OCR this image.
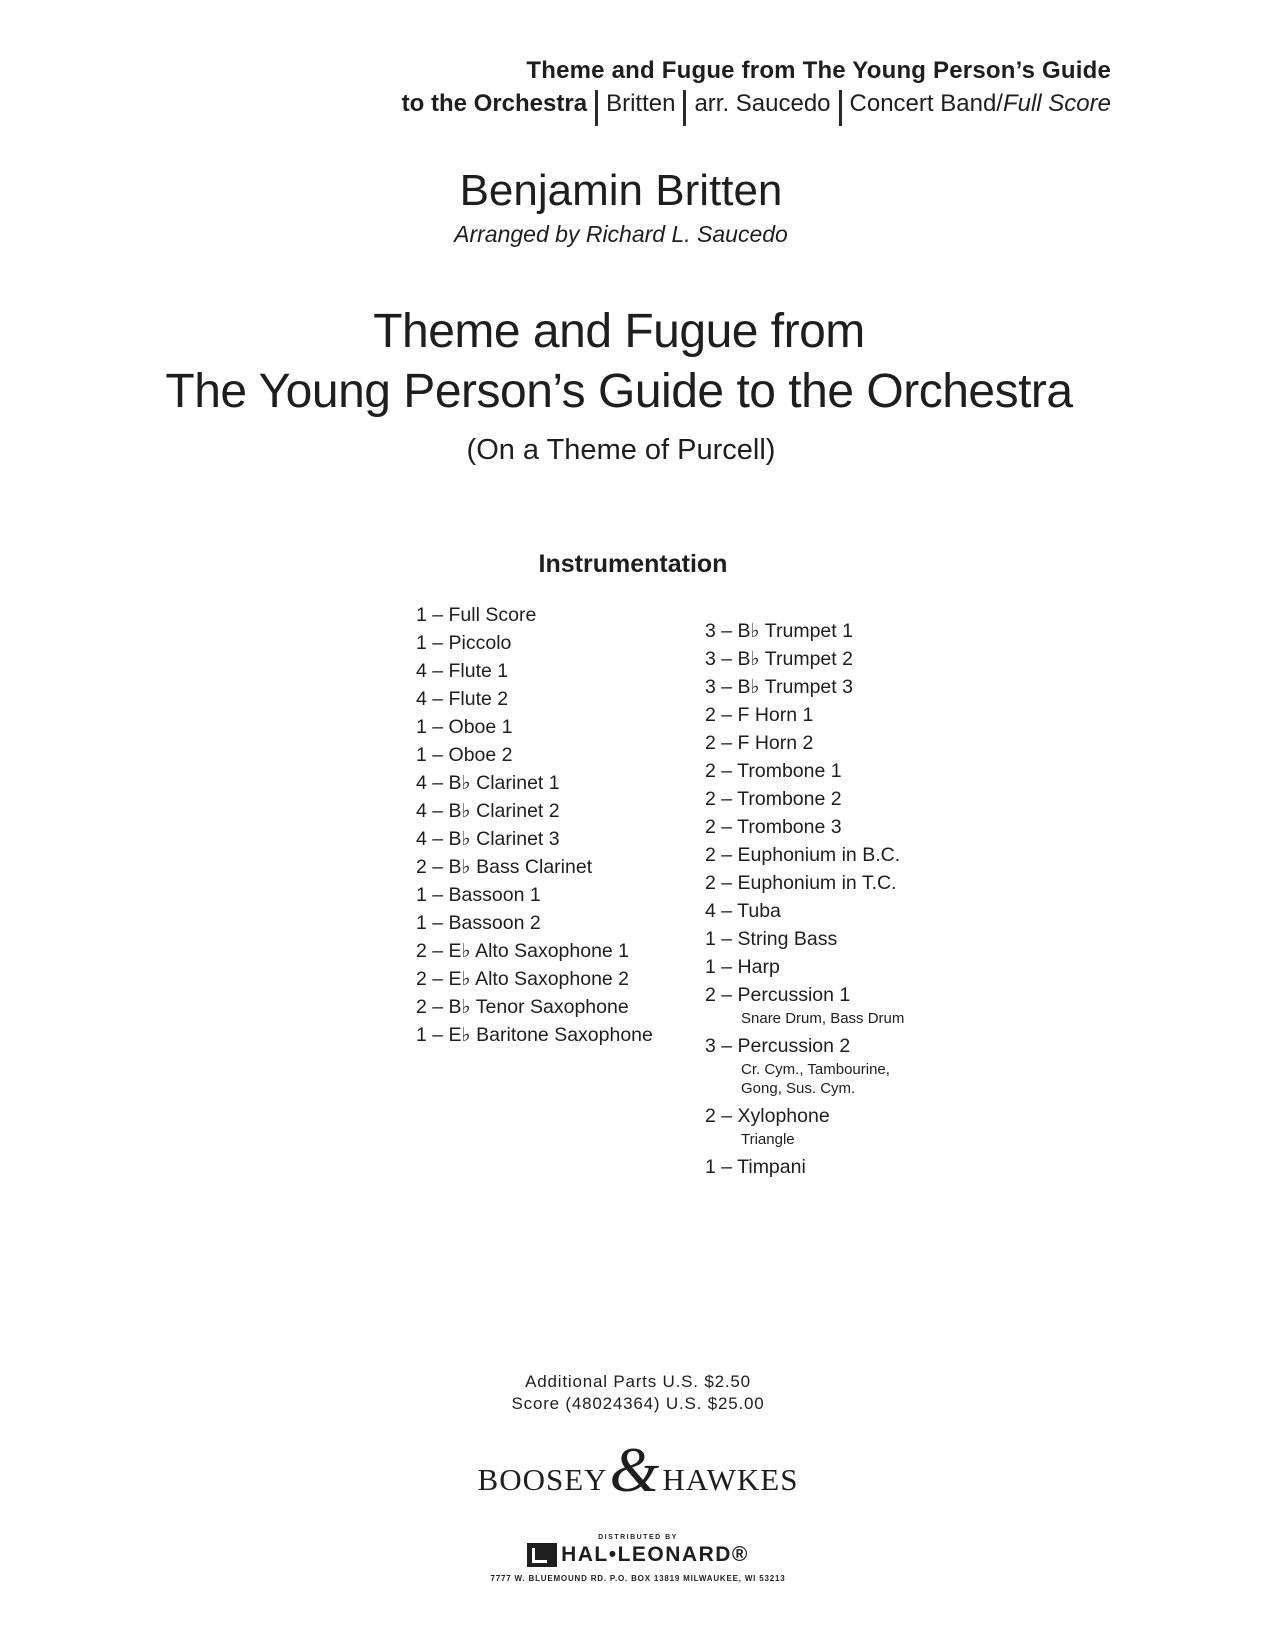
Theme and Fugue from The Young Person’s Guide
to the Orchestra Britten arr. Saucedo Concert Band/ Full Score
Benjamin Britten
Arranged by Richard L. Saucedo
Theme and Fugue from
The Young Person’s Guide to the Orchestra
(On a Theme of Purcell)
Instrumentation
1 – Full Score
1 – Piccolo
4 – Flute 1
4 – Flute 2
1 – Oboe 1
1 – Oboe 2
4 – B♭ Clarinet 1
4 – B♭ Clarinet 2
4 – B♭ Clarinet 3
2 – B♭ Bass Clarinet
1 – Bassoon 1
1 – Bassoon 2
2 – E♭ Alto Saxophone 1
2 – E♭ Alto Saxophone 2
2 – B♭ Tenor Saxophone
1 – E♭ Baritone Saxophone
3 – B♭ Trumpet 1
3 – B♭ Trumpet 2
3 – B♭ Trumpet 3
2 – F Horn 1
2 – F Horn 2
2 – Trombone 1
2 – Trombone 2
2 – Trombone 3
2 – Euphonium in B.C.
2 – Euphonium in T.C.
4 – Tuba
1 – String Bass
1 – Harp
2 – Percussion 1
Snare Drum, Bass Drum
3 – Percussion 2
Cr. Cym., Tambourine,
Gong, Sus. Cym.
2 – Xylophone
Triangle
1 – Timpani
Additional Parts U.S. $2.50
Score (48024364) U.S. $25.00
BOOSEY & HAWKES
DISTRIBUTED BY
HAL•LEONARD®
7777 W. BLUEMOUND RD. P.O. BOX 13819 MILWAUKEE, WI 53213
